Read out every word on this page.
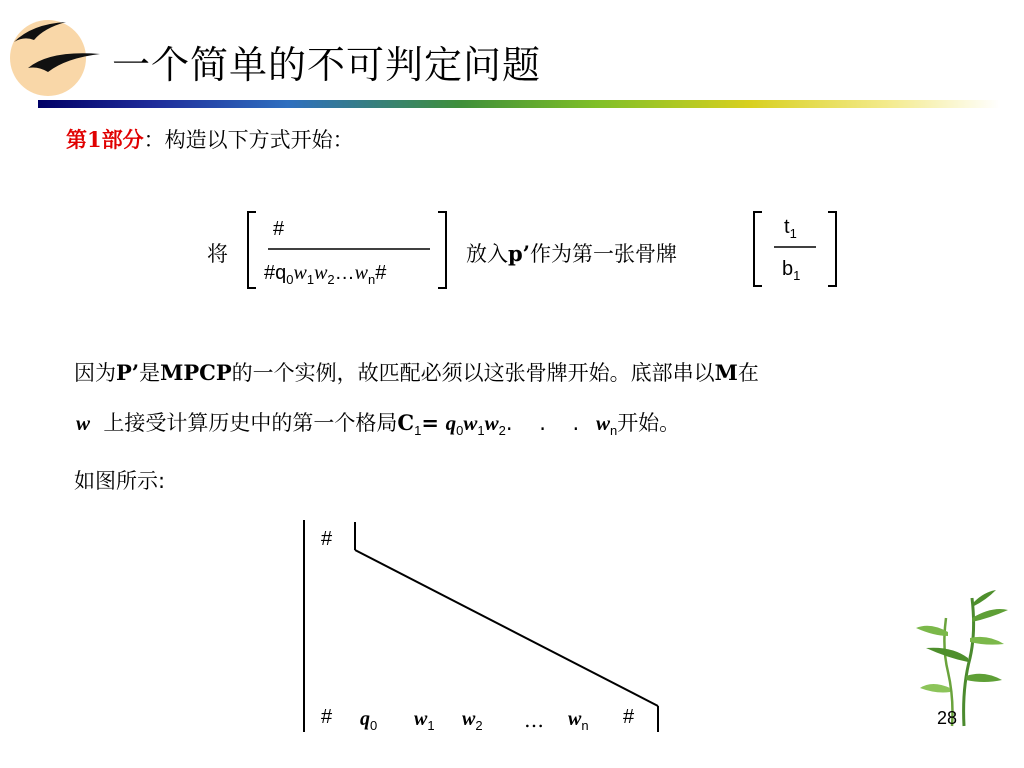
一个简单的不可判定问题
第1部分：构造以下方式开始：
将
#
$\#q_0w_1w_2\dots w_n\#$
放入p’作为第一张骨牌
$t_1$
$b_1$
因为P’是MPCP的一个实例，故匹配必须以这张骨牌开始。底部串以M在
w 上接受计算历史中的第一个格局$C_1= q_0w_1w_2$. . . $w_n$开始。
如图所示:
#
# $q_0$ $w_1$ $w_2$ … $w_n$ #	28
